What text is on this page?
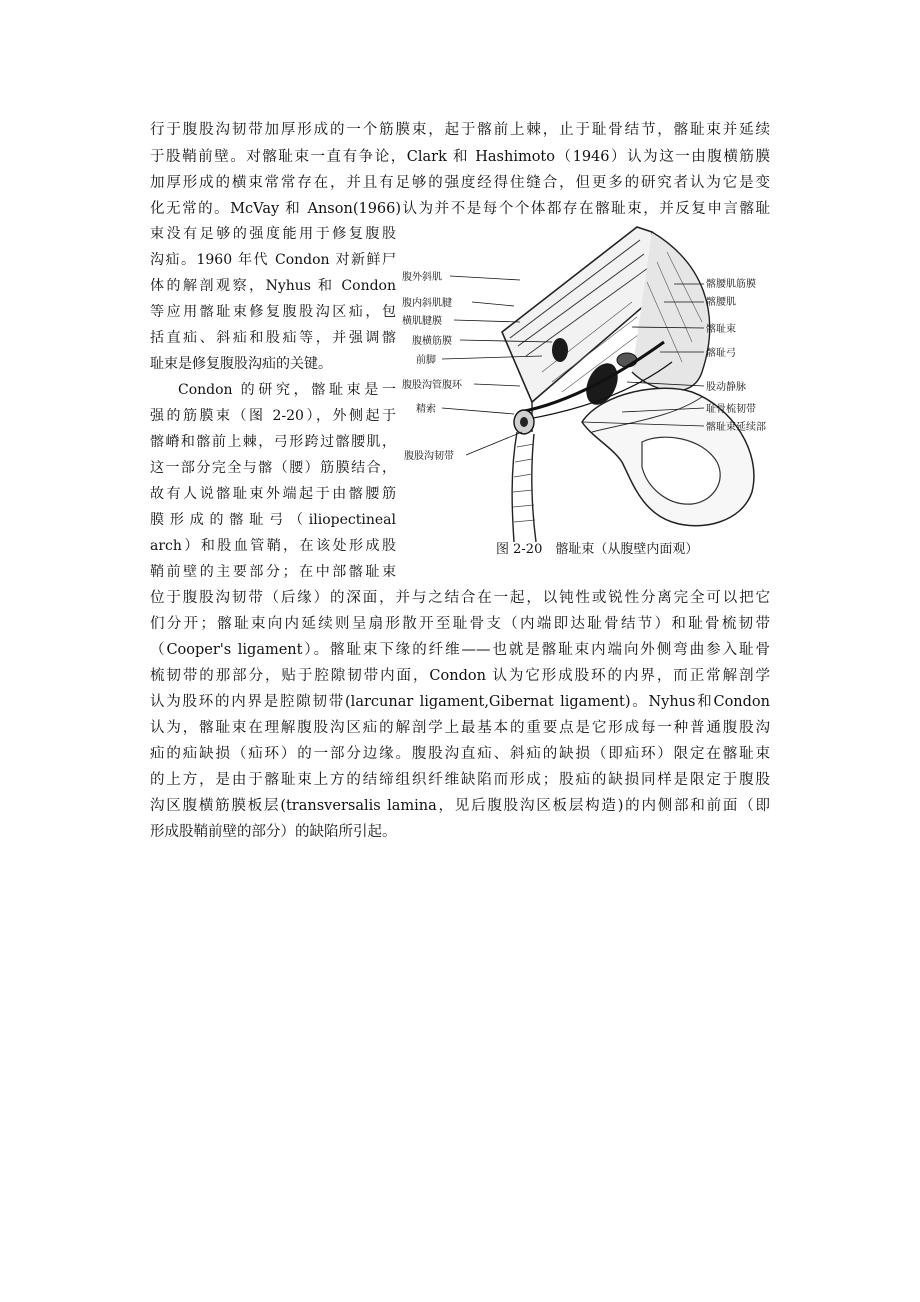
行于腹股沟韧带加厚形成的一个筋膜束，起于髂前上棘，止于耻骨结节，髂耻束并延续
于股鞘前壁。对髂耻束一直有争论，Clark 和 Hashimoto（1946）认为这一由腹横筋膜
加厚形成的横束常常存在，并且有足够的强度经得住缝合，但更多的研究者认为它是变
化无常的。McVay 和 Anson(1966)认为并不是每个个体都存在髂耻束，并反复申言髂耻
束没有足够的强度能用于修复腹股
沟疝。1960 年代 Condon 对新鲜尸
体的解剖观察，Nyhus 和 Condon
等应用髂耻束修复腹股沟区疝，包
括直疝、斜疝和股疝等，并强调髂
耻束是修复腹股沟疝的关键。
Condon 的研究，髂耻束是一
强的筋膜束（图 2-20），外侧起于
髂嵴和髂前上棘，弓形跨过髂腰肌，
这一部分完全与髂（腰）筋膜结合，
故有人说髂耻束外端起于由髂腰筋
膜形成的髂耻弓（iliopectineal
arch）和股血管鞘，在该处形成股
鞘前壁的主要部分；在中部髂耻束
腹外斜肌
腹内斜肌腱
横肌腱膜
腹横筋膜
前脚
腹股沟管腹环
精索
腹股沟韧带
髂腰肌筋膜
髂腰肌
髂耻束
髂耻弓
股动静脉
耻骨梳韧带
髂耻束延续部
图 2-20　髂耻束（从腹壁内面观）
位于腹股沟韧带（后缘）的深面，并与之结合在一起，以钝性或锐性分离完全可以把它
们分开；髂耻束向内延续则呈扇形散开至耻骨支（内端即达耻骨结节）和耻骨梳韧带
（Cooper's ligament）。髂耻束下缘的纤维——也就是髂耻束内端向外侧弯曲参入耻骨
梳韧带的那部分，贴于腔隙韧带内面，Condon 认为它形成股环的内界，而正常解剖学
认为股环的内界是腔隙韧带(larcunar ligament,Gibernat ligament)。Nyhus和Condon
认为，髂耻束在理解腹股沟区疝的解剖学上最基本的重要点是它形成每一种普通腹股沟
疝的疝缺损（疝环）的一部分边缘。腹股沟直疝、斜疝的缺损（即疝环）限定在髂耻束
的上方，是由于髂耻束上方的结缔组织纤维缺陷而形成；股疝的缺损同样是限定于腹股
沟区腹横筋膜板层(transversalis lamina，见后腹股沟区板层构造)的内侧部和前面（即
形成股鞘前壁的部分）的缺陷所引起。
